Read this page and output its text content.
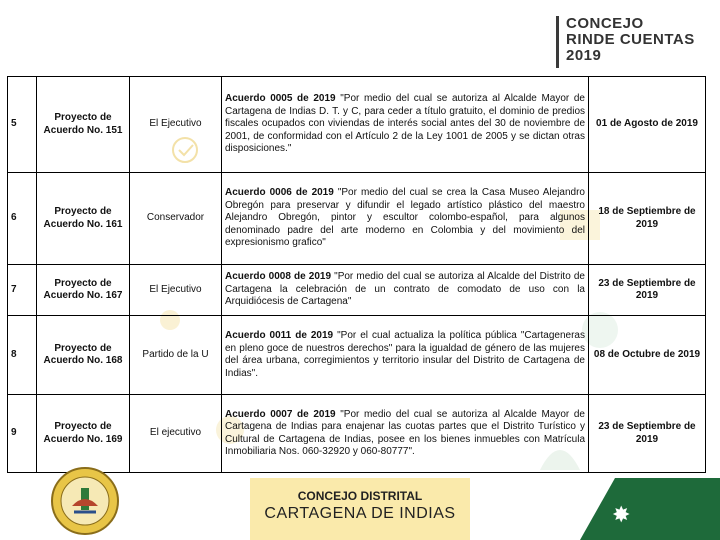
CONCEJO
RINDE CUENTAS
2019
5	Proyecto de Acuerdo No. 151	El Ejecutivo	Acuerdo 0005 de 2019 "Por medio del cual se autoriza al Alcalde Mayor de Cartagena de Indias D. T. y C, para ceder a título gratuito, el dominio de predios fiscales ocupados con viviendas de interés social antes del 30 de noviembre de 2001, de conformidad con el Artículo 2 de la Ley 1001 de 2005 y se dictan otras disposiciones."	01 de Agosto de 2019
6	Proyecto de Acuerdo No. 161	Conservador	Acuerdo 0006 de 2019 "Por medio del cual se crea la Casa Museo Alejandro Obregón para preservar y difundir el legado artístico plástico del maestro Alejandro Obregón, pintor y escultor colombo-español, para algunos denominado padre del arte moderno en Colombia y del movimiento del expresionismo grafico"	18 de Septiembre de 2019
7	Proyecto de Acuerdo No. 167	El Ejecutivo	Acuerdo 0008 de 2019 "Por medio del cual se autoriza al Alcalde del Distrito de Cartagena la celebración de un contrato de comodato de uso con la Arquidiócesis de Cartagena"	23 de Septiembre de 2019
8	Proyecto de Acuerdo No. 168	Partido de la U	Acuerdo 0011 de 2019 "Por el cual actualiza la política pública "Cartageneras en pleno goce de nuestros derechos" para la igualdad de género de las mujeres del área urbana, corregimientos y territorio insular del Distrito de Cartagena de Indias".	08 de Octubre de 2019
9	Proyecto de Acuerdo No. 169	El ejecutivo	Acuerdo 0007 de 2019 "Por medio del cual se autoriza al Alcalde Mayor de Cartagena de Indias para enajenar las cuotas partes que el Distrito Turístico y Cultural de Cartagena de Indias, posee en los bienes inmuebles con Matrícula Inmobiliaria Nos. 060-32920 y 060-80777".	23 de Septiembre de 2019
CONCEJO DISTRITAL
CARTAGENA DE INDIAS	✸
